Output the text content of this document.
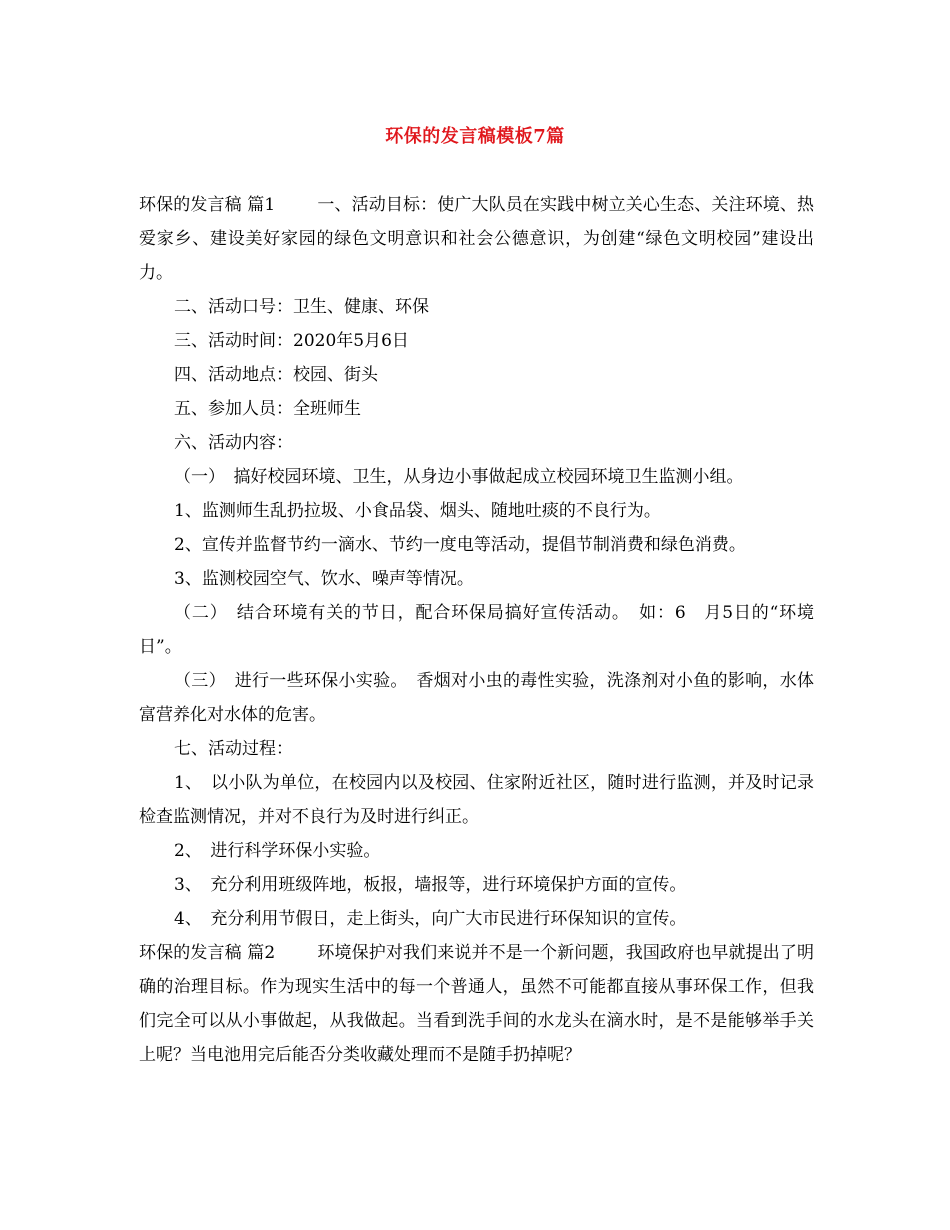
环保的发言稿模板7篇

环保的发言稿 篇1 一、活动目标：使广大队员在实践中树立关心生态、关注环境、热爱家乡、建设美好家园的绿色文明意识和社会公德意识，为创建“绿色文明校园”建设出力。

二、活动口号：卫生、健康、环保

三、活动时间：2020年5月6日

四、活动地点：校园、街头

五、参加人员：全班师生

六、活动内容：

（一）　搞好校园环境、卫生，从身边小事做起成立校园环境卫生监测小组。

1、监测师生乱扔拉圾、小食品袋、烟头、随地吐痰的不良行为。

2、宣传并监督节约一滴水、节约一度电等活动，提倡节制消费和绿色消费。

3、监测校园空气、饮水、噪声等情况。

（二）　结合环境有关的节日，配合环保局搞好宣传活动。　如：6　月5日的“环境日”。

（三）　进行一些环保小实验。　香烟对小虫的毒性实验，洗涤剂对小鱼的影响，水体富营养化对水体的危害。

七、活动过程：

1、　以小队为单位，在校园内以及校园、住家附近社区，随时进行监测，并及时记录检查监测情况，并对不良行为及时进行纠正。

2、　进行科学环保小实验。

3、　充分利用班级阵地，板报，墙报等，进行环境保护方面的宣传。

4、　充分利用节假日，走上街头，向广大市民进行环保知识的宣传。

环保的发言稿 篇2 环境保护对我们来说并不是一个新问题，我国政府也早就提出了明确的治理目标。作为现实生活中的每一个普通人，虽然不可能都直接从事环保工作，但我们完全可以从小事做起，从我做起。当看到洗手间的水龙头在滴水时，是不是能够举手关上呢？当电池用完后能否分类收藏处理而不是随手扔掉呢？
